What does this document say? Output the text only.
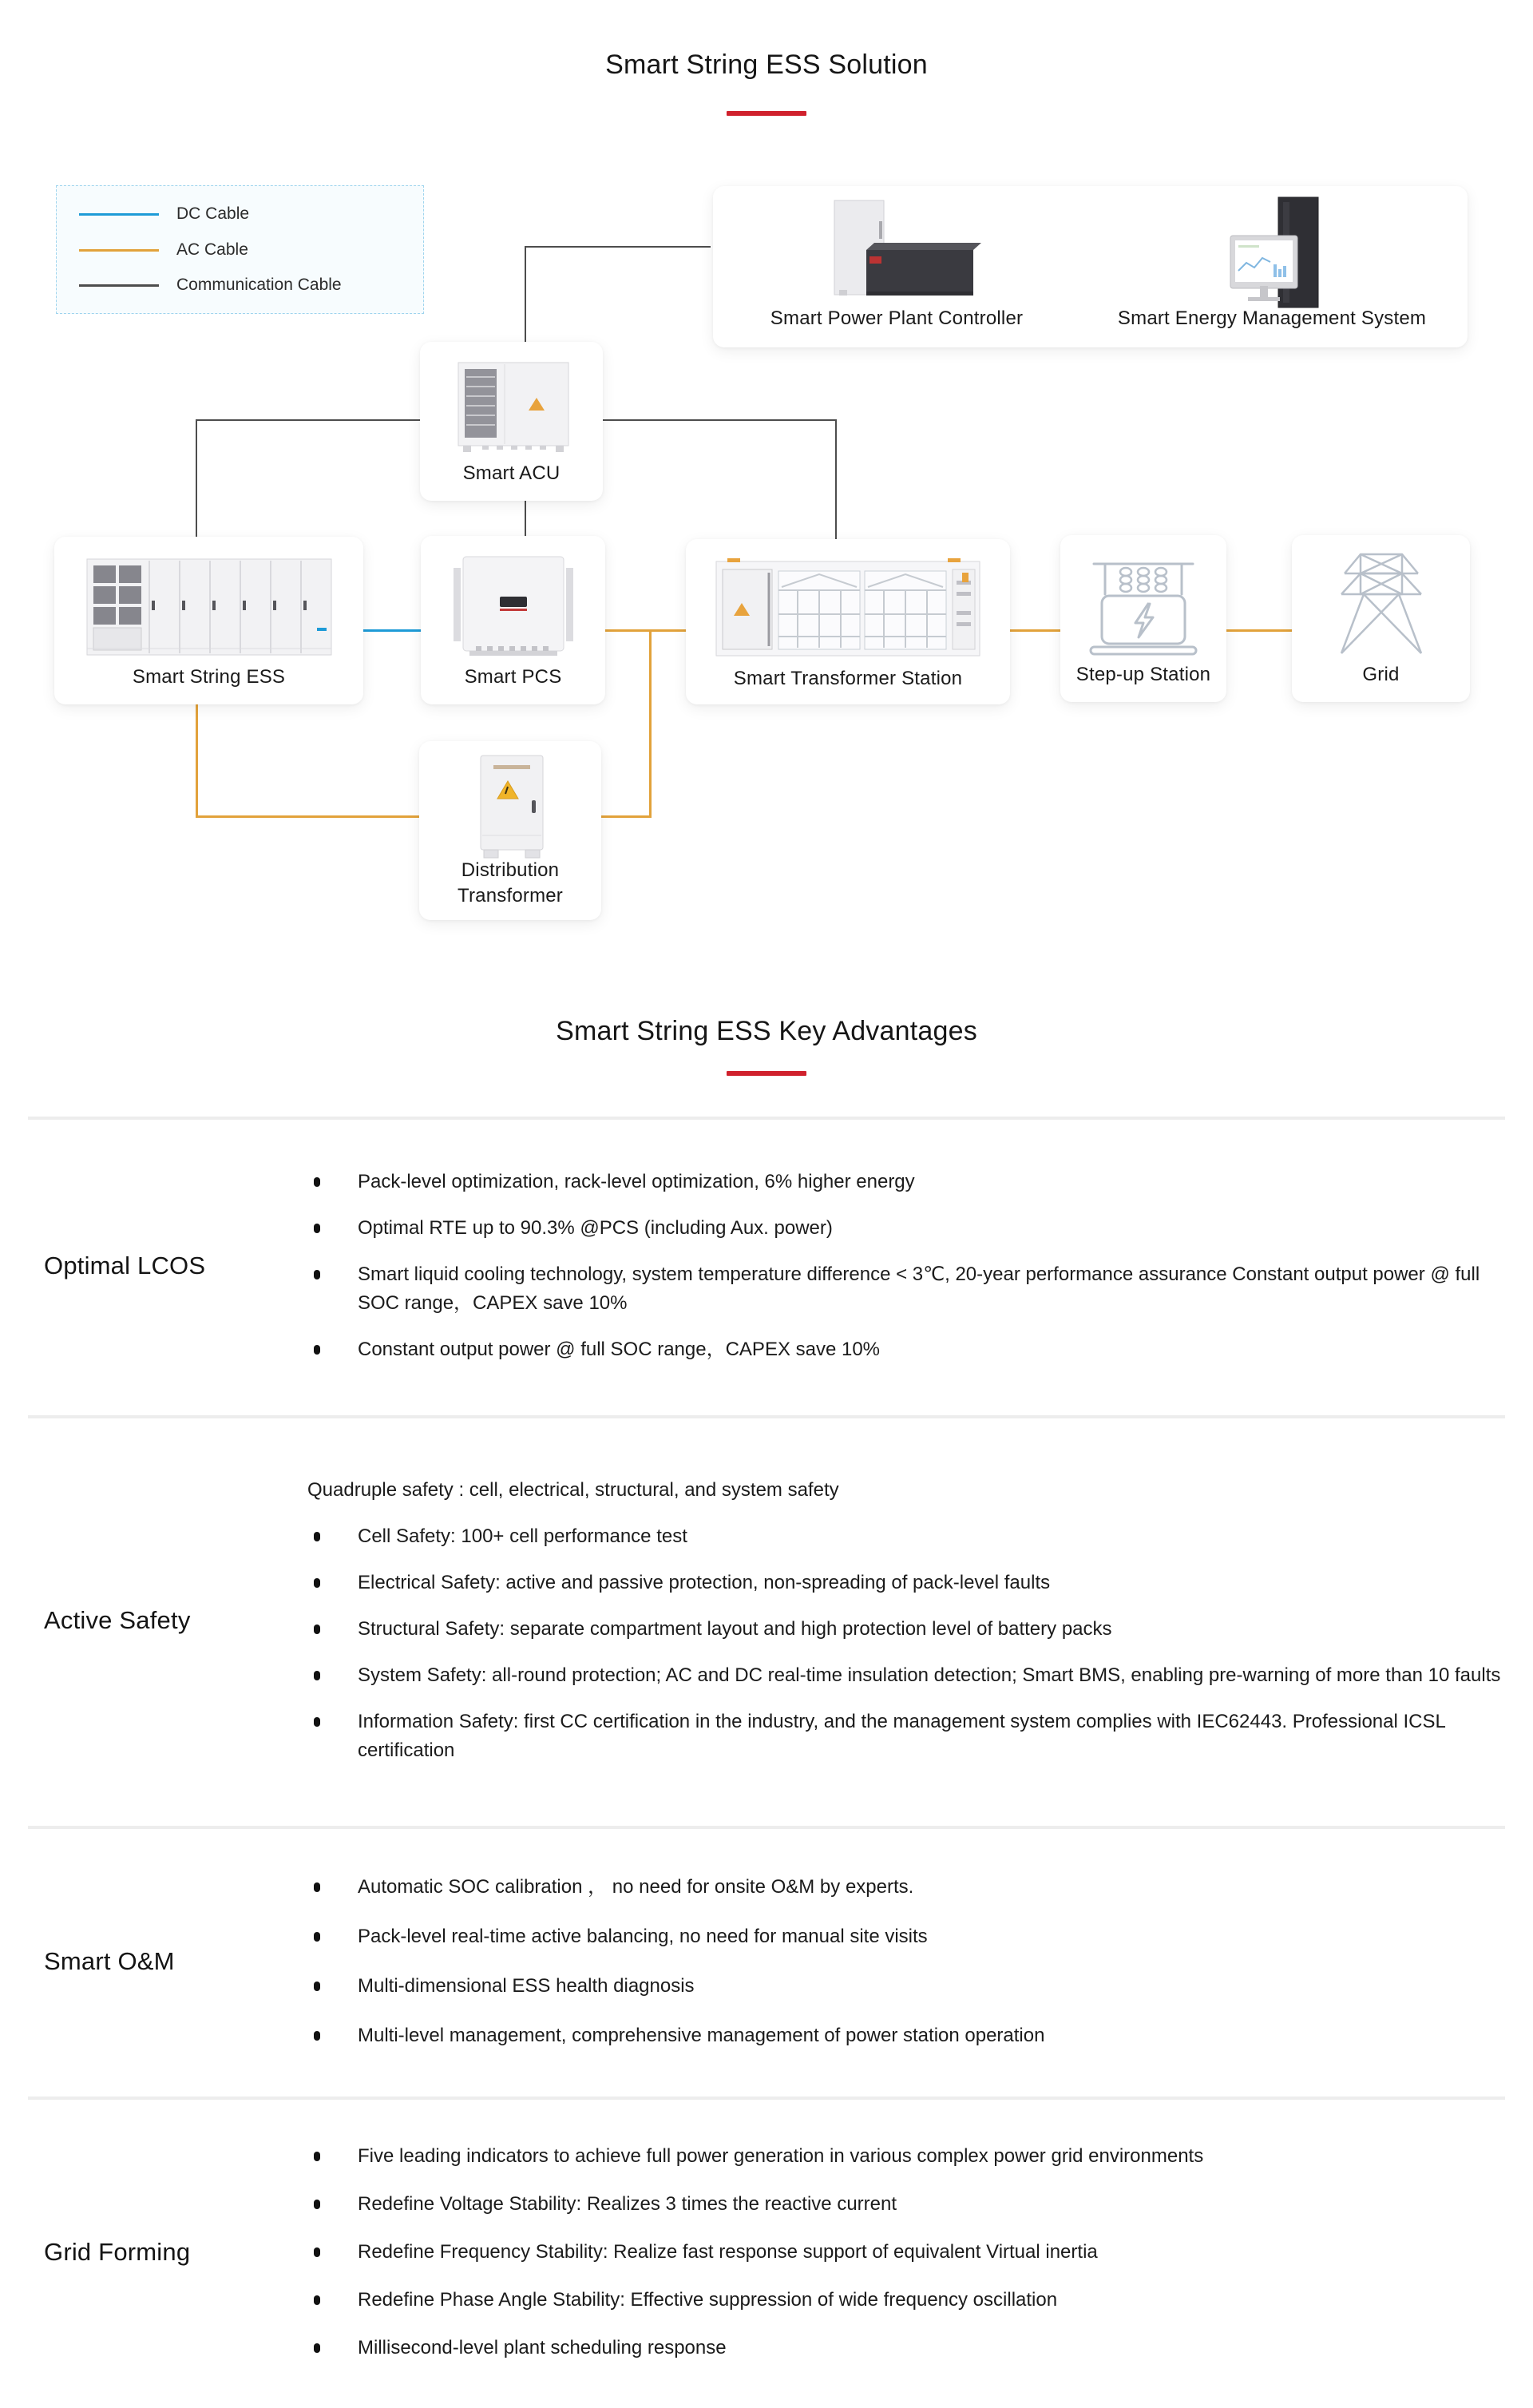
Smart String ESS Solution
DC Cable
AC Cable
Communication Cable
Smart Power Plant Controller	Smart Energy Management System
Smart ACU
Smart String ESS	Smart PCS	Smart Transformer Station	Step-up Station	Grid
Distribution
Transformer
Smart String ESS Key Advantages
Optimal LCOS
Pack-level optimization, rack-level optimization, 6% higher energy
Optimal RTE up to 90.3% @PCS (including Aux. power)
Smart liquid cooling technology, system temperature difference < 3℃, 20-year performance assurance Constant output power @ full SOC range，CAPEX save 10%
Constant output power @ full SOC range，CAPEX save 10%
Active Safety
Quadruple safety : cell, electrical, structural, and system safety
Cell Safety: 100+ cell performance test
Electrical Safety: active and passive protection, non-spreading of pack-level faults
Structural Safety: separate compartment layout and high protection level of battery packs
System Safety: all-round protection; AC and DC real-time insulation detection; Smart BMS, enabling pre-warning of more than 10 faults
Information Safety: first CC certification in the industry, and the management system complies with IEC62443. Professional ICSL certification
Smart O&M
Automatic SOC calibration ， no need for onsite O&M by experts.
Pack-level real-time active balancing, no need for manual site visits
Multi-dimensional ESS health diagnosis
Multi-level management, comprehensive management of power station operation
Grid Forming
Five leading indicators to achieve full power generation in various complex power grid environments
Redefine Voltage Stability: Realizes 3 times the reactive current
Redefine Frequency Stability: Realize fast response support of equivalent Virtual inertia
Redefine Phase Angle Stability: Effective suppression of wide frequency oscillation
Millisecond-level plant scheduling response
